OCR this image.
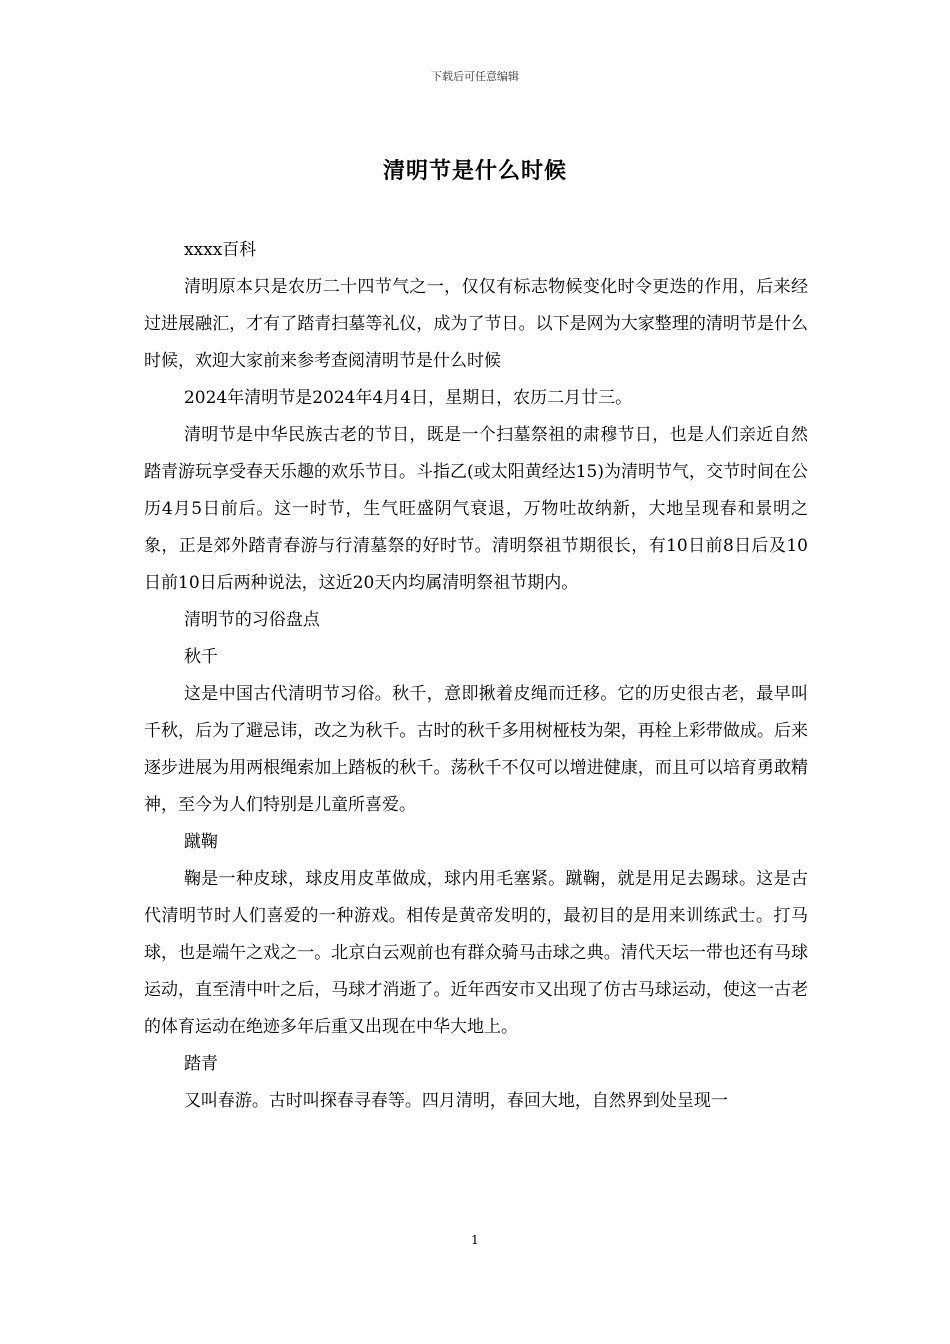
下载后可任意编辑
清明节是什么时候

xxxx百科

清明原本只是农历二十四节气之一，仅仅有标志物候变化时令更迭的作用，后来经过进展融汇，才有了踏青扫墓等礼仪，成为了节日。以下是网为大家整理的清明节是什么时候，欢迎大家前来参考查阅清明节是什么时候

2024年清明节是2024年4月4日，星期日，农历二月廿三。

清明节是中华民族古老的节日，既是一个扫墓祭祖的肃穆节日，也是人们亲近自然踏青游玩享受春天乐趣的欢乐节日。斗指乙(或太阳黄经达15)为清明节气，交节时间在公历4月5日前后。这一时节，生气旺盛阴气衰退，万物吐故纳新，大地呈现春和景明之象，正是郊外踏青春游与行清墓祭的好时节。清明祭祖节期很长，有10日前8日后及10日前10日后两种说法，这近20天内均属清明祭祖节期内。

清明节的习俗盘点

秋千

这是中国古代清明节习俗。秋千，意即揪着皮绳而迁移。它的历史很古老，最早叫千秋，后为了避忌讳，改之为秋千。古时的秋千多用树桠枝为架，再栓上彩带做成。后来逐步进展为用两根绳索加上踏板的秋千。荡秋千不仅可以增进健康，而且可以培育勇敢精神，至今为人们特别是儿童所喜爱。

蹴鞠

鞠是一种皮球，球皮用皮革做成，球内用毛塞紧。蹴鞠，就是用足去踢球。这是古代清明节时人们喜爱的一种游戏。相传是黄帝发明的，最初目的是用来训练武士。打马球，也是端午之戏之一。北京白云观前也有群众骑马击球之典。清代天坛一带也还有马球运动，直至清中叶之后，马球才消逝了。近年西安市又出现了仿古马球运动，使这一古老的体育运动在绝迹多年后重又出现在中华大地上。

踏青

又叫春游。古时叫探春寻春等。四月清明，春回大地，自然界到处呈现一

1
